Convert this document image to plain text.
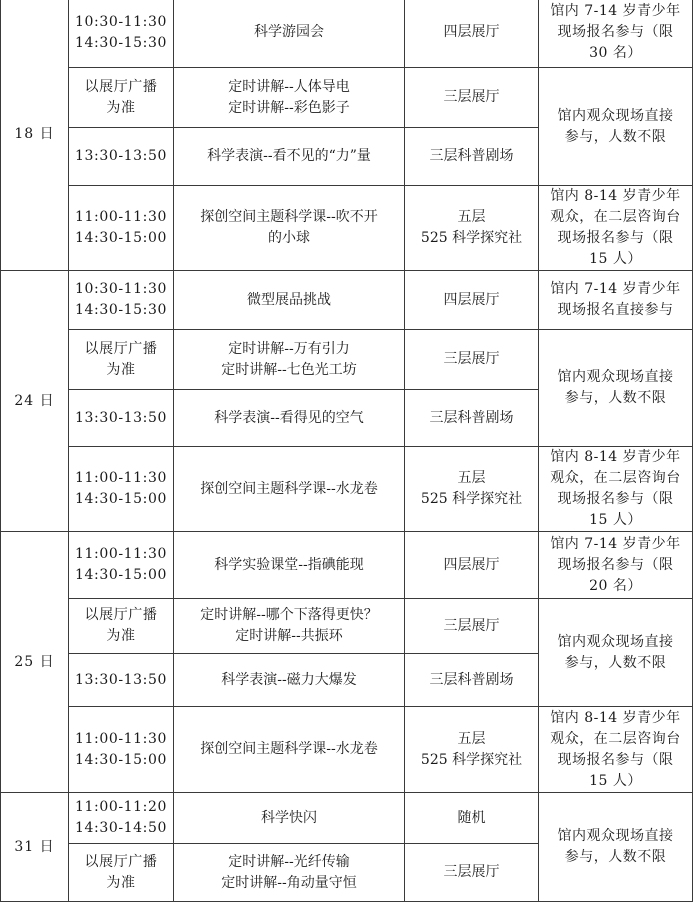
18 日	10:30-11:30
14:30-15:30	科学游园会	四层展厅	馆内 7-14 岁青少年
现场报名参与（限
30 名）

	以展厅广播
为准	定时讲解--人体导电
定时讲解--彩色影子	三层展厅	馆内观众现场直接
参与，人数不限

	13:30-13:50	科学表演--看不见的“力”量	三层科普剧场	

	11:00-11:30
14:30-15:00	探创空间主题科学课--吹不开
的小球	五层
525 科学探究社	馆内 8-14 岁青少年
观众，在二层咨询台
现场报名参与（限
15 人）

24 日	10:30-11:30
14:30-15:30	微型展品挑战	四层展厅	馆内 7-14 岁青少年
现场报名直接参与

	以展厅广播
为准	定时讲解--万有引力
定时讲解--七色光工坊	三层展厅	馆内观众现场直接
参与，人数不限

	13:30-13:50	科学表演--看得见的空气	三层科普剧场	

	11:00-11:30
14:30-15:00	探创空间主题科学课--水龙卷	五层
525 科学探究社	馆内 8-14 岁青少年
观众，在二层咨询台
现场报名参与（限
15 人）

25 日	11:00-11:30
14:30-15:00	科学实验课堂--指碘能现	四层展厅	馆内 7-14 岁青少年
现场报名参与（限
20 名）

	以展厅广播
为准	定时讲解--哪个下落得更快？
定时讲解--共振环	三层展厅	馆内观众现场直接
参与，人数不限

	13:30-13:50	科学表演--磁力大爆发	三层科普剧场	

	11:00-11:30
14:30-15:00	探创空间主题科学课--水龙卷	五层
525 科学探究社	馆内 8-14 岁青少年
观众，在二层咨询台
现场报名参与（限
15 人）

31 日	11:00-11:20
14:30-14:50	科学快闪	随机	馆内观众现场直接
参与，人数不限

	以展厅广播
为准	定时讲解--光纤传输
定时讲解--角动量守恒	三层展厅	
